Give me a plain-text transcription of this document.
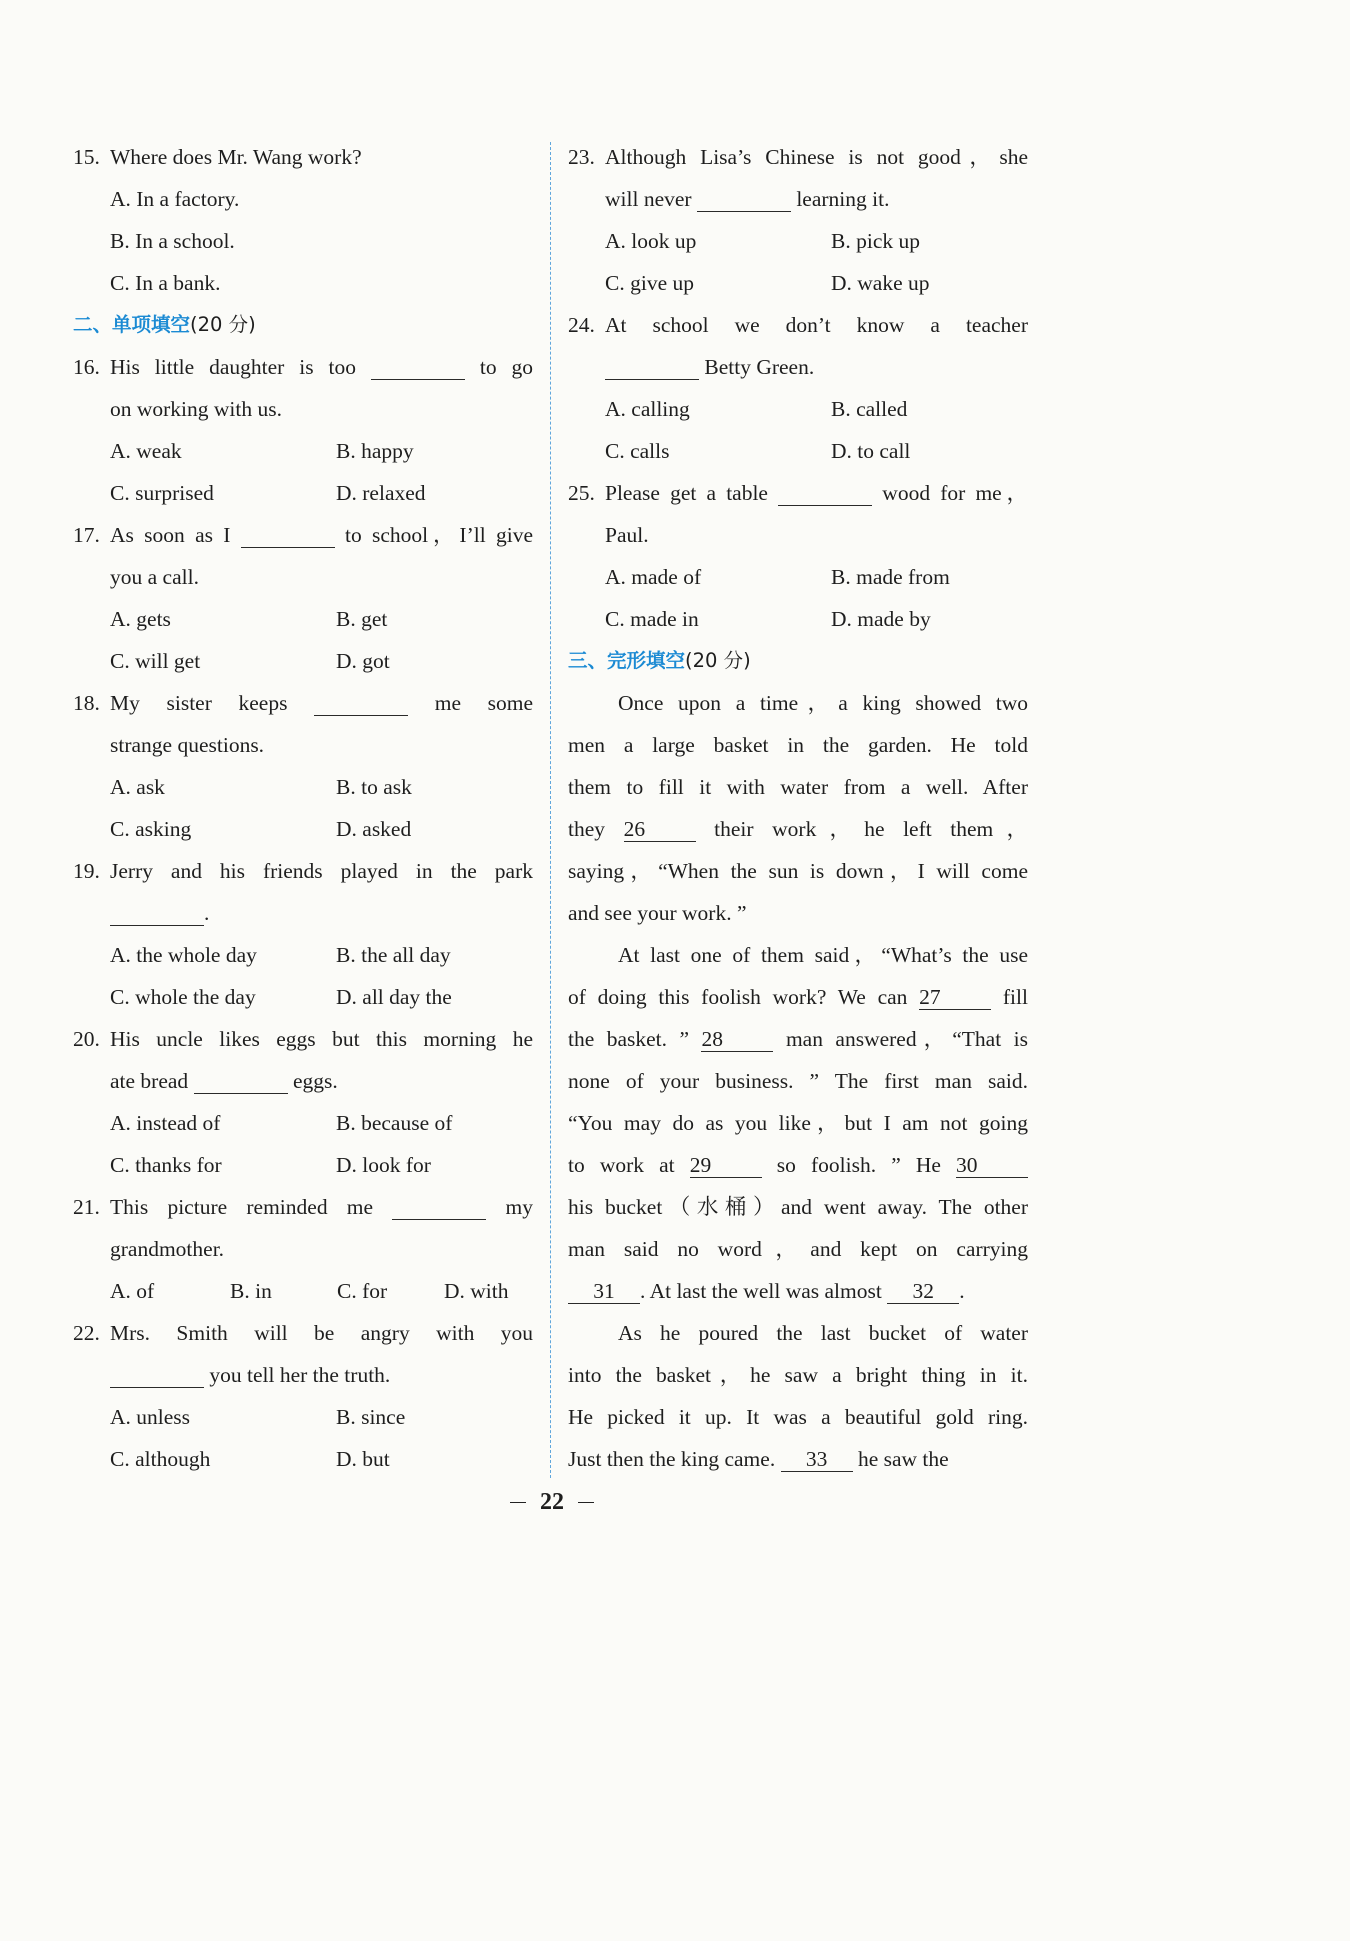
15. Where does Mr. Wang work?
A. In a factory.
B. In a school.
C. In a bank.
二、单项填空(20 分)
16. His little daughter is too	to go
on working with us.
A. weak	B. happy
C. surprised	D. relaxed
17. As soon as I	to school，I’ll give
you a call.
A. gets	B. get
C. will get	D. got
18. My sister keeps	me some
strange questions.
A. ask	B. to ask
C. asking	D. asked
19. Jerry and his friends played in the park
.
A. the whole day	B. the all day
C. whole the day	D. all day the
20. His uncle likes eggs but this morning he
ate bread	eggs.
A. instead of	B. because of
C. thanks for	D. look for
21. This picture reminded me	my
grandmother.
A. of	B. in	C. for	D. with
22. Mrs. Smith will be angry with you
you tell her the truth.
A. unless	B. since
C. although	D. but
23. Although Lisa’s Chinese is not good，she
will never	learning it.
A. look up	B. pick up
C. give up	D. wake up
24. At school we don’t know a teacher
Betty Green.
A. calling	B. called
C. calls	D. to call
25. Please get a table	wood for me，
Paul.
A. made of	B. made from
C. made in	D. made by
三、完形填空(20 分)
Once upon a time，a king showed two
men a large basket in the garden. He told
them to fill it with water from a well. After
they 26 their work，he left them，
saying，“When the sun is down，I will come
and see your work. ”
At last one of them said，“What’s the use
of doing this foolish work? We can 27 fill
the basket. ” 28 man answered，“That is
none of your business. ” The first man said.
“You may do as you like，but I am not going
to work at 29 so foolish. ” He 30
his bucket（水桶）and went away. The other
man said no word，and kept on carrying
31 . At last the well was almost 32 .
As he poured the last bucket of water
into the basket，he saw a bright thing in it.
He picked it up. It was a beautiful gold ring.
Just then the king came. 33 he saw the
22
